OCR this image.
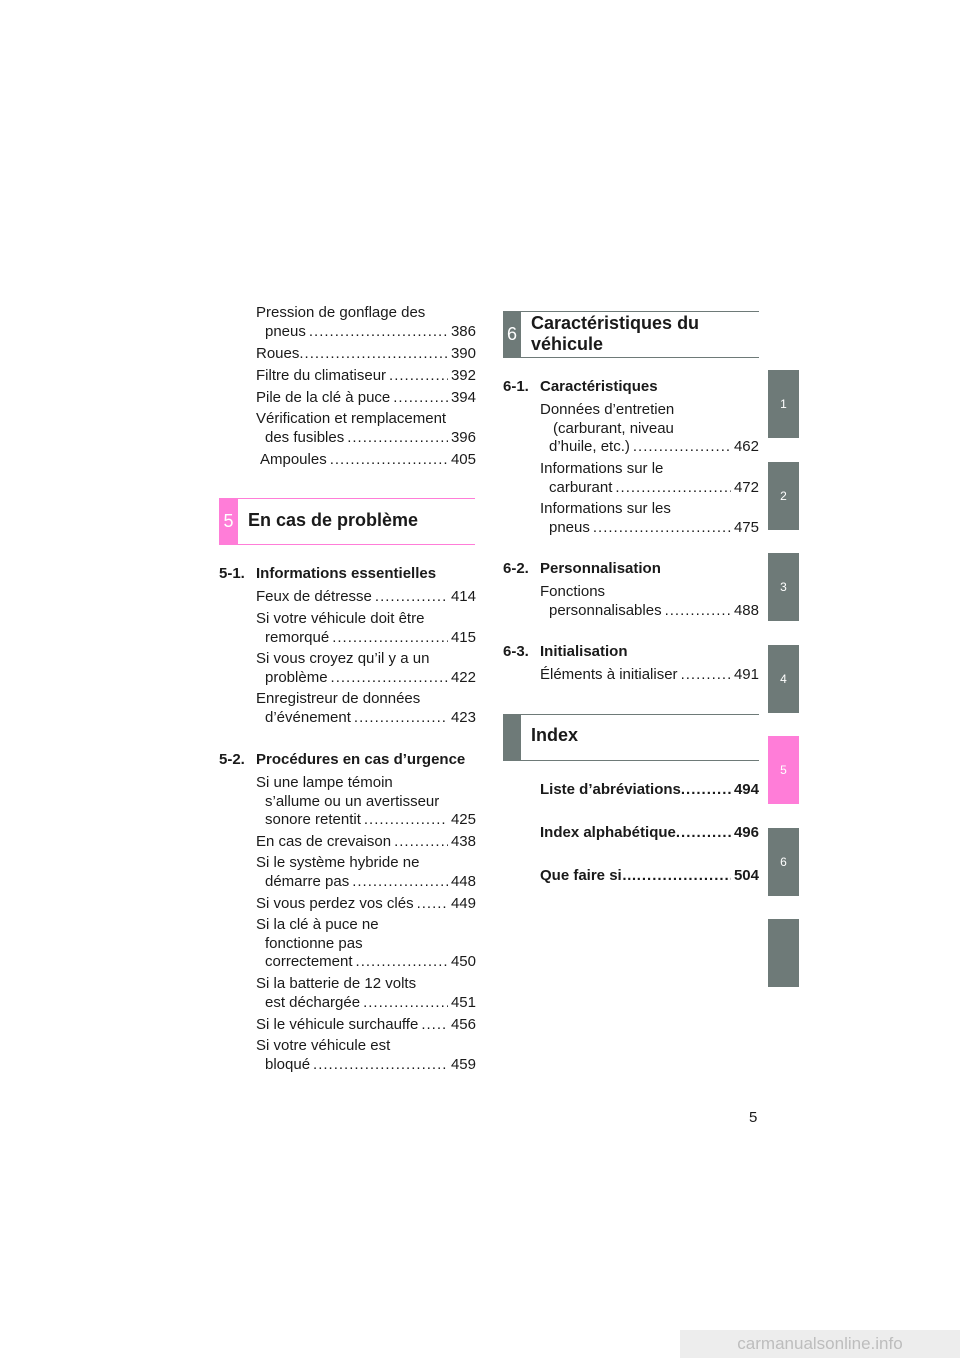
Pression de gonflage des
pneus .....	386
Roues .....	390
Filtre du climatiseur .....	392
Pile de la clé à puce .....	394
Vérification et remplacement
des fusibles .....	396
Ampoules .....	405
5 En cas de problème
5-1. Informations essentielles
Feux de détresse .....	414
Si votre véhicule doit être
remorqué .....	415
Si vous croyez qu’il y a un
problème .....	422
Enregistreur de données
d’événement .....	423
5-2. Procédures en cas d’urgence
Si une lampe témoin
s’allume ou un avertisseur
sonore retentit .....	425
En cas de crevaison .....	438
Si le système hybride ne
démarre pas .....	448
Si vous perdez vos clés ..... 449
Si la clé à puce ne
fonctionne pas
correctement .....	450
Si la batterie de 12 volts
est déchargée .....	451
Si le véhicule surchauffe ..... 456
Si votre véhicule est
bloqué .....	459
6
Caractéristiques du
véhicule
6-1. Caractéristiques
Données d’entretien
(carburant, niveau
d’huile, etc.) .....	462
Informations sur le
carburant .....	472
Informations sur les
pneus .....	475
6-2. Personnalisation
Fonctions
personnalisables .....	488
6-3. Initialisation
Éléments à initialiser .....	491
Index
Liste d’abréviations .....	494
Index alphabétique .....	496
Que faire si… .....	504
1
2
3
4
5
6
5
carmanualsonline.info
